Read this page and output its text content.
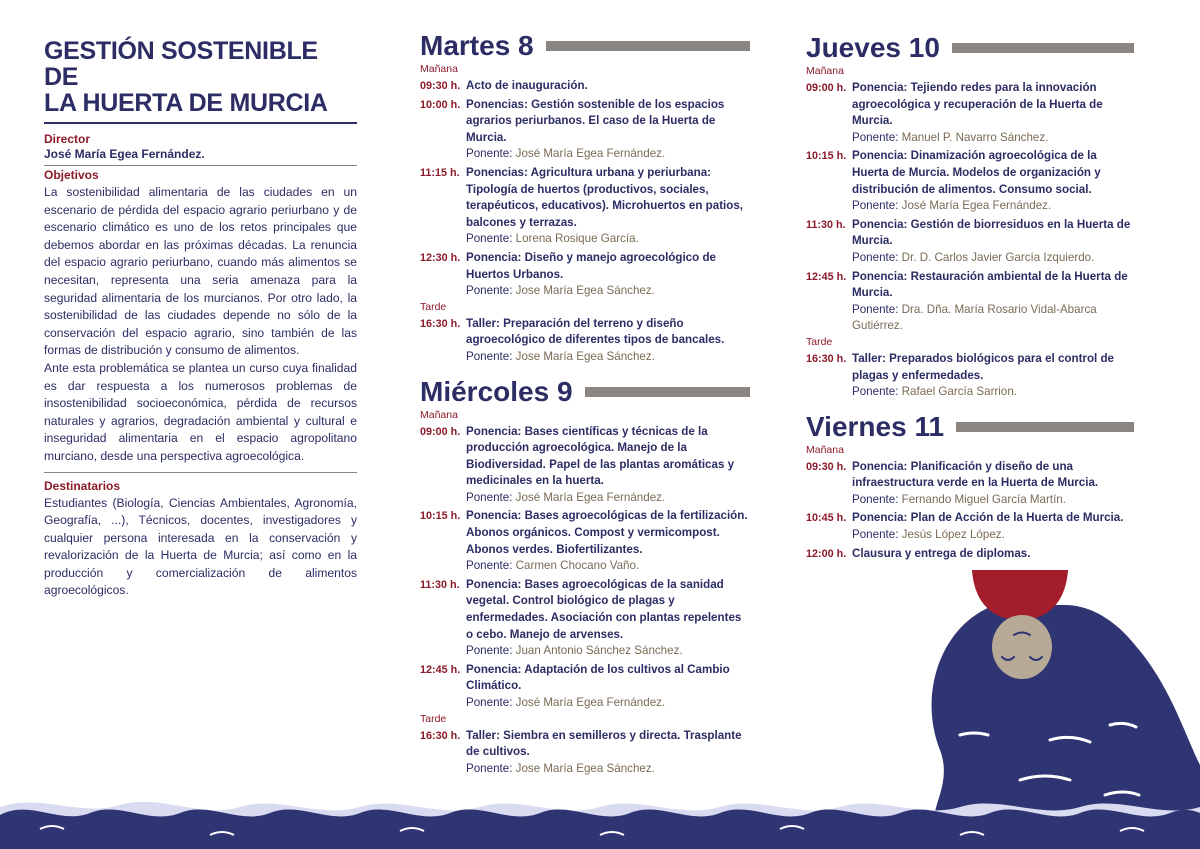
GESTIÓN SOSTENIBLE DE
LA HUERTA DE MURCIA
Director
José María Egea Fernández.
Objetivos
La sostenibilidad alimentaria de las ciudades en un escenario de pérdida del espacio agrario periurbano y de escenario climático es uno de los retos principales que debemos abordar en las próximas décadas. La renuncia del espacio agrario periurbano, cuando más alimentos se necesitan, representa una seria amenaza para la seguridad alimentaria de los murcianos. Por otro lado, la sostenibilidad de las ciudades depende no sólo de la conservación del espacio agrario, sino también de las formas de distribución y consumo de alimentos.
Ante esta problemática se plantea un curso cuya finalidad es dar respuesta a los numerosos problemas de insostenibilidad socioeconómica, pérdida de recursos naturales y agrarios, degradación ambiental y cultural e inseguridad alimentaria en el espacio agropolitano murciano, desde una perspectiva agroecológica.
Destinatarios
Estudiantes (Biología, Ciencias Ambientales, Agronomía, Geografía, ...), Técnicos, docentes, investigadores y cualquier persona interesada en la conservación y revalorización de la Huerta de Murcia; así como en la producción y comercialización de alimentos agroecológicos.
Martes 8
Mañana
09:30 h. Acto de inauguración.
10:00 h. Ponencias: Gestión sostenible de los espacios agrarios periurbanos. El caso de la Huerta de Murcia.
Ponente: José María Egea Fernández.
11:15 h. Ponencias: Agricultura urbana y periurbana: Tipología de huertos (productivos, sociales, terapéuticos, educativos). Microhuertos en patios, balcones y terrazas.
Ponente: Lorena Rosique García.
12:30 h. Ponencia: Diseño y manejo agroecológico de Huertos Urbanos.
Ponente: Jose María Egea Sánchez.
Tarde
16:30 h. Taller: Preparación del terreno y diseño agroecológico de diferentes tipos de bancales.
Ponente: Jose María Egea Sánchez.
Miércoles 9
Mañana
09:00 h. Ponencia: Bases científicas y técnicas de la producción agroecológica. Manejo de la Biodiversidad. Papel de las plantas aromáticas y medicinales en la huerta.
Ponente: José María Egea Fernández.
10:15 h. Ponencia: Bases agroecológicas de la fertilización. Abonos orgánicos. Compost y vermicompost. Abonos verdes. Biofertilizantes.
Ponente: Carmen Chocano Vaño.
11:30 h. Ponencia: Bases agroecológicas de la sanidad vegetal. Control biológico de plagas y enfermedades. Asociación con plantas repelentes o cebo. Manejo de arvenses.
Ponente: Juan Antonio Sánchez Sánchez.
12:45 h. Ponencia: Adaptación de los cultivos al Cambio Climático.
Ponente: José María Egea Fernández.
Tarde
16:30 h. Taller: Siembra en semilleros y directa. Trasplante de cultivos.
Ponente: Jose María Egea Sánchez.
Jueves 10
Mañana
09:00 h. Ponencia: Tejiendo redes para la innovación agroecológica y recuperación de la Huerta de Murcia.
Ponente: Manuel P. Navarro Sánchez.
10:15 h. Ponencia: Dinamización agroecológica de la Huerta de Murcia. Modelos de organización y distribución de alimentos. Consumo social.
Ponente: José María Egea Fernández.
11:30 h. Ponencia: Gestión de biorresiduos en la Huerta de Murcia.
Ponente: Dr. D. Carlos Javier García Izquierdo.
12:45 h. Ponencia: Restauración ambiental de la Huerta de Murcia.
Ponente: Dra. Dña. María Rosario Vidal-Abarca Gutiérrez.
Tarde
16:30 h. Taller: Preparados biológicos para el control de plagas y enfermedades.
Ponente: Rafael García Sarrion.
Viernes 11
Mañana
09:30 h. Ponencia: Planificación y diseño de una infraestructura verde en la Huerta de Murcia.
Ponente: Fernando Miguel García Martín.
10:45 h. Ponencia: Plan de Acción de la Huerta de Murcia.
Ponente: Jesús López López.
12:00 h. Clausura y entrega de diplomas.
